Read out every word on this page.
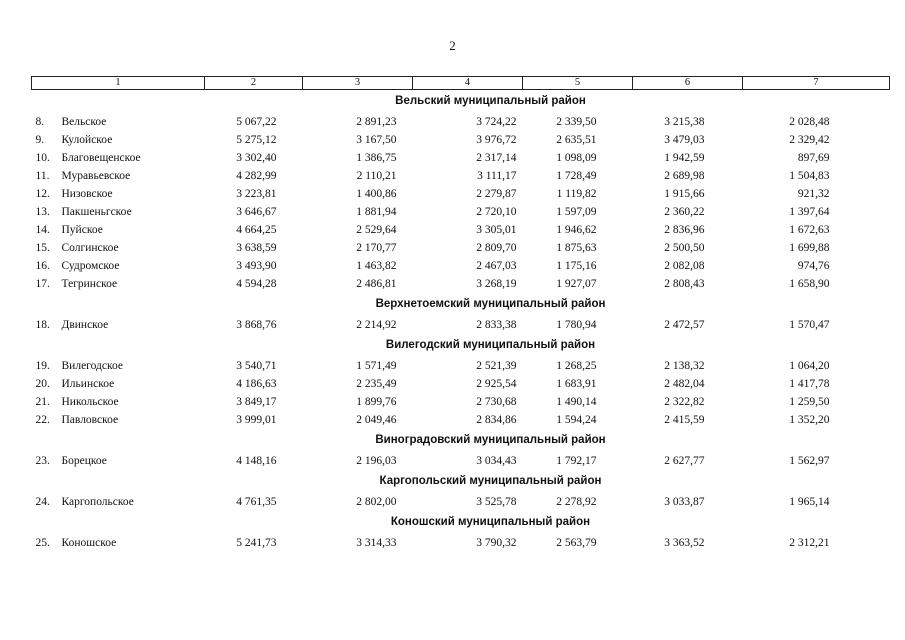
2
1	2	3	4	5	6	7
Вельский муниципальный район						
8. Вельское	5 067,22	2 891,23	3 724,22	2 339,50	3 215,38	2 028,48
9. Кулойское	5 275,12	3 167,50	3 976,72	2 635,51	3 479,03	2 329,42
10. Благовещенское	3 302,40	1 386,75	2 317,14	1 098,09	1 942,59	897,69
11. Муравьевское	4 282,99	2 110,21	3 111,17	1 728,49	2 689,98	1 504,83
12. Низовское	3 223,81	1 400,86	2 279,87	1 119,82	1 915,66	921,32
13. Пакшеньгское	3 646,67	1 881,94	2 720,10	1 597,09	2 360,22	1 397,64
14. Пуйское	4 664,25	2 529,64	3 305,01	1 946,62	2 836,96	1 672,63
15. Солгинское	3 638,59	2 170,77	2 809,70	1 875,63	2 500,50	1 699,88
16. Судромское	3 493,90	1 463,82	2 467,03	1 175,16	2 082,08	974,76
17. Тегринское	4 594,28	2 486,81	3 268,19	1 927,07	2 808,43	1 658,90
Верхнетоемский муниципальный район						
18. Двинское	3 868,76	2 214,92	2 833,38	1 780,94	2 472,57	1 570,47
Вилегодский муниципальный район						
19. Вилегодское	3 540,71	1 571,49	2 521,39	1 268,25	2 138,32	1 064,20
20. Ильинское	4 186,63	2 235,49	2 925,54	1 683,91	2 482,04	1 417,78
21. Никольское	3 849,17	1 899,76	2 730,68	1 490,14	2 322,82	1 259,50
22. Павловское	3 999,01	2 049,46	2 834,86	1 594,24	2 415,59	1 352,20
Виноградовский муниципальный район						
23. Борецкое	4 148,16	2 196,03	3 034,43	1 792,17	2 627,77	1 562,97
Каргопольский муниципальный район						
24. Каргопольское	4 761,35	2 802,00	3 525,78	2 278,92	3 033,87	1 965,14
Коношский муниципальный район						
25. Коношское	5 241,73	3 314,33	3 790,32	2 563,79	3 363,52	2 312,21
